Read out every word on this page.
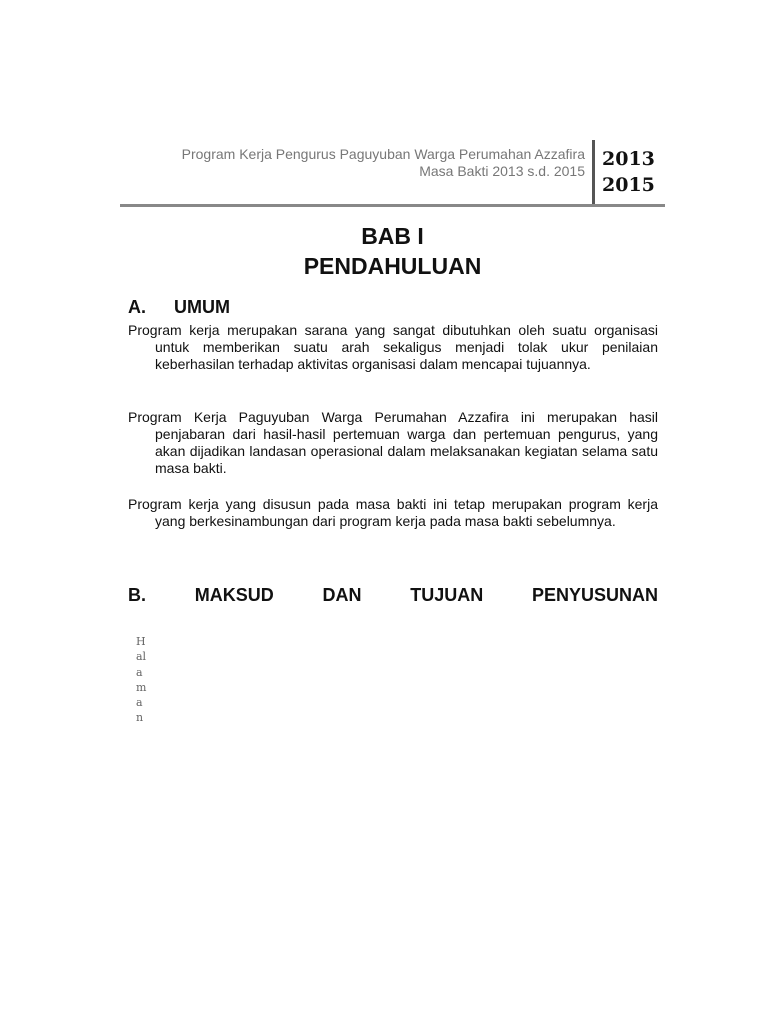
Program Kerja Pengurus Paguyuban Warga Perumahan Azzafira
Masa Bakti 2013 s.d. 2015
2013
2015
BAB I
PENDAHULUAN
A. UMUM

Program kerja merupakan sarana yang sangat dibutuhkan oleh suatu organisasi untuk memberikan suatu arah sekaligus menjadi tolak ukur penilaian keberhasilan terhadap aktivitas organisasi dalam mencapai tujuannya.

Program Kerja Paguyuban Warga Perumahan Azzafira ini merupakan hasil penjabaran dari hasil-hasil pertemuan warga dan pertemuan pengurus, yang akan dijadikan landasan operasional dalam melaksanakan kegiatan selama satu masa bakti.

Program kerja yang disusun pada masa bakti ini tetap merupakan program kerja yang berkesinambungan dari program kerja pada masa bakti sebelumnya.

B.	MAKSUD	DAN	TUJUAN	PENYUSUNAN
Halaman
